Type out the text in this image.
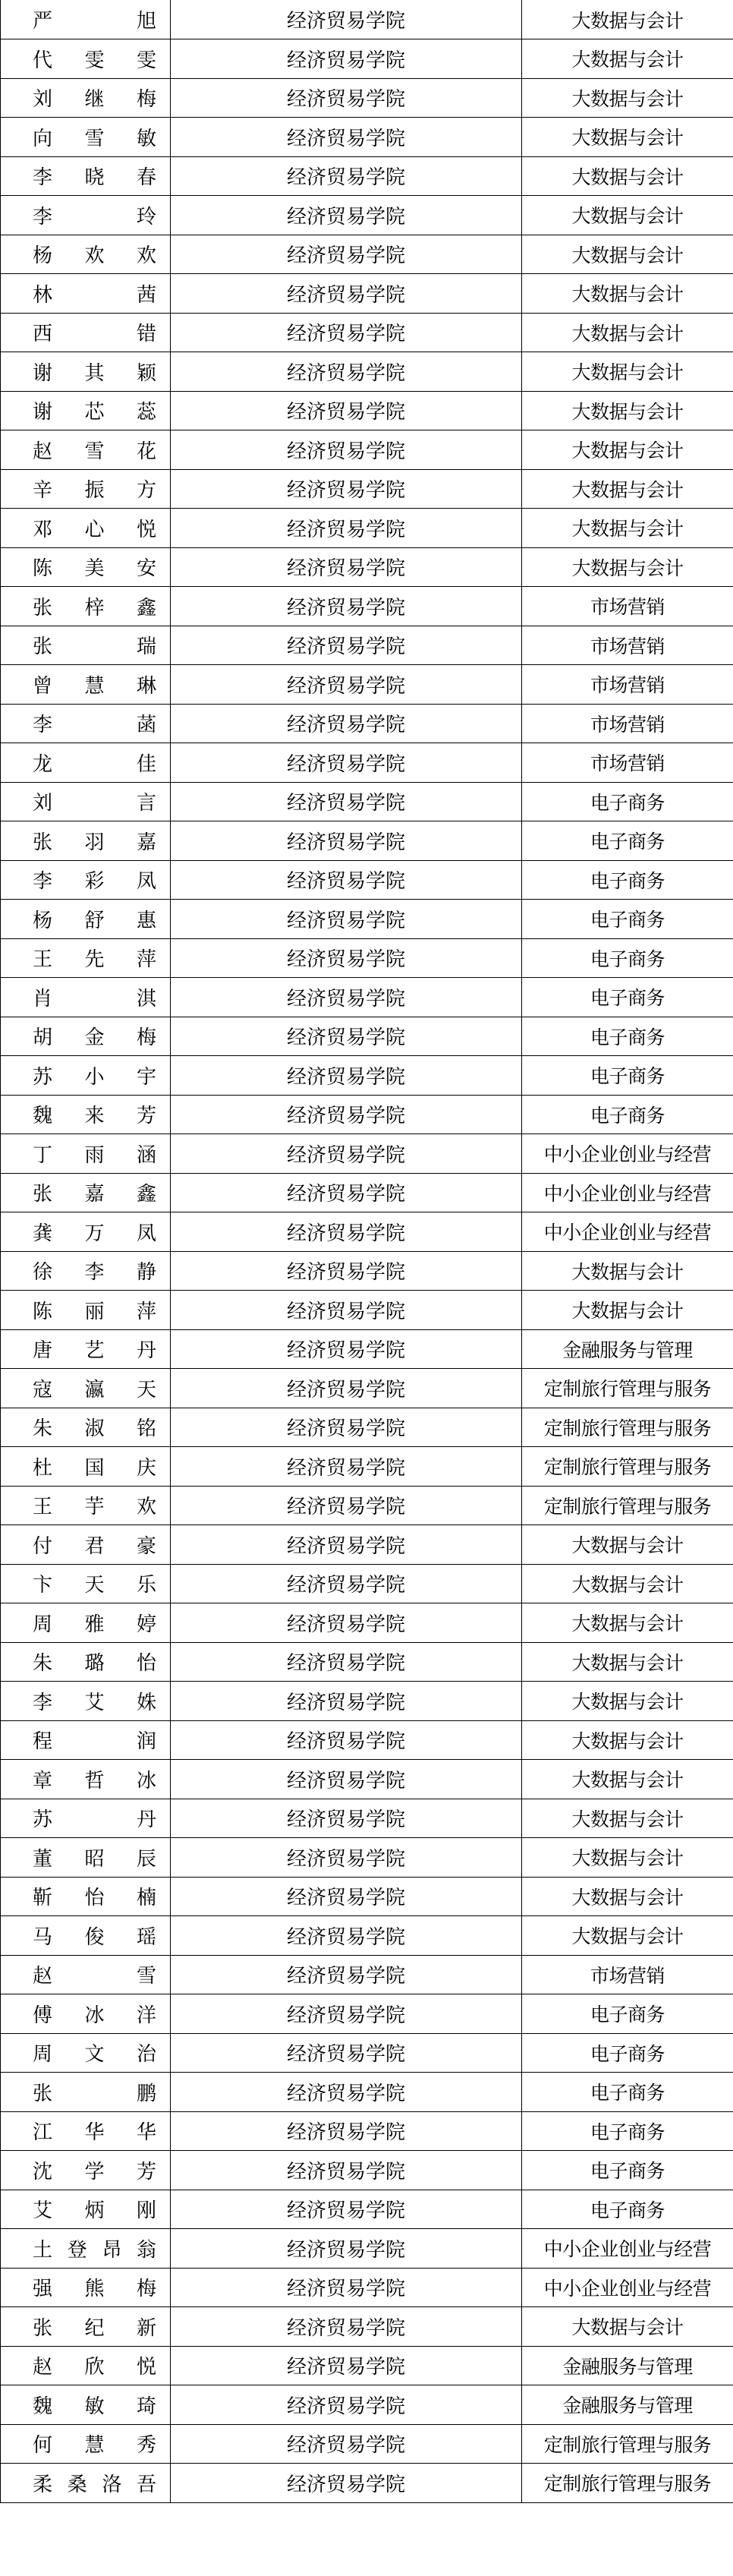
严 旭	经济贸易学院	大数据与会计
代 雯 雯	经济贸易学院	大数据与会计
刘 继 梅	经济贸易学院	大数据与会计
向 雪 敏	经济贸易学院	大数据与会计
李 晓 春	经济贸易学院	大数据与会计
李 玲	经济贸易学院	大数据与会计
杨 欢 欢	经济贸易学院	大数据与会计
林 茜	经济贸易学院	大数据与会计
西 错	经济贸易学院	大数据与会计
谢 其 颖	经济贸易学院	大数据与会计
谢 芯 蕊	经济贸易学院	大数据与会计
赵 雪 花	经济贸易学院	大数据与会计
辛 振 方	经济贸易学院	大数据与会计
邓 心 悦	经济贸易学院	大数据与会计
陈 美 安	经济贸易学院	大数据与会计
张 梓 鑫	经济贸易学院	市场营销
张 瑞	经济贸易学院	市场营销
曾 慧 琳	经济贸易学院	市场营销
李 菡	经济贸易学院	市场营销
龙 佳	经济贸易学院	市场营销
刘 言	经济贸易学院	电子商务
张 羽 嘉	经济贸易学院	电子商务
李 彩 凤	经济贸易学院	电子商务
杨 舒 惠	经济贸易学院	电子商务
王 先 萍	经济贸易学院	电子商务
肖 淇	经济贸易学院	电子商务
胡 金 梅	经济贸易学院	电子商务
苏 小 宇	经济贸易学院	电子商务
魏 来 芳	经济贸易学院	电子商务
丁 雨 涵	经济贸易学院	中小企业创业与经营
张 嘉 鑫	经济贸易学院	中小企业创业与经营
龚 万 凤	经济贸易学院	中小企业创业与经营
徐 李 静	经济贸易学院	大数据与会计
陈 丽 萍	经济贸易学院	大数据与会计
唐 艺 丹	经济贸易学院	金融服务与管理
寇 瀛 天	经济贸易学院	定制旅行管理与服务
朱 淑 铭	经济贸易学院	定制旅行管理与服务
杜 国 庆	经济贸易学院	定制旅行管理与服务
王 芋 欢	经济贸易学院	定制旅行管理与服务
付 君 豪	经济贸易学院	大数据与会计
卞 天 乐	经济贸易学院	大数据与会计
周 雅 婷	经济贸易学院	大数据与会计
朱 璐 怡	经济贸易学院	大数据与会计
李 艾 姝	经济贸易学院	大数据与会计
程 润	经济贸易学院	大数据与会计
章 哲 冰	经济贸易学院	大数据与会计
苏 丹	经济贸易学院	大数据与会计
董 昭 辰	经济贸易学院	大数据与会计
靳 怡 楠	经济贸易学院	大数据与会计
马 俊 瑶	经济贸易学院	大数据与会计
赵 雪	经济贸易学院	市场营销
傅 冰 洋	经济贸易学院	电子商务
周 文 治	经济贸易学院	电子商务
张 鹏	经济贸易学院	电子商务
江 华 华	经济贸易学院	电子商务
沈 学 芳	经济贸易学院	电子商务
艾 炳 刚	经济贸易学院	电子商务
土 登 昂 翁	经济贸易学院	中小企业创业与经营
强 熊 梅	经济贸易学院	中小企业创业与经营
张 纪 新	经济贸易学院	大数据与会计
赵 欣 悦	经济贸易学院	金融服务与管理
魏 敏 琦	经济贸易学院	金融服务与管理
何 慧 秀	经济贸易学院	定制旅行管理与服务
柔 桑 洛 吾	经济贸易学院	定制旅行管理与服务
